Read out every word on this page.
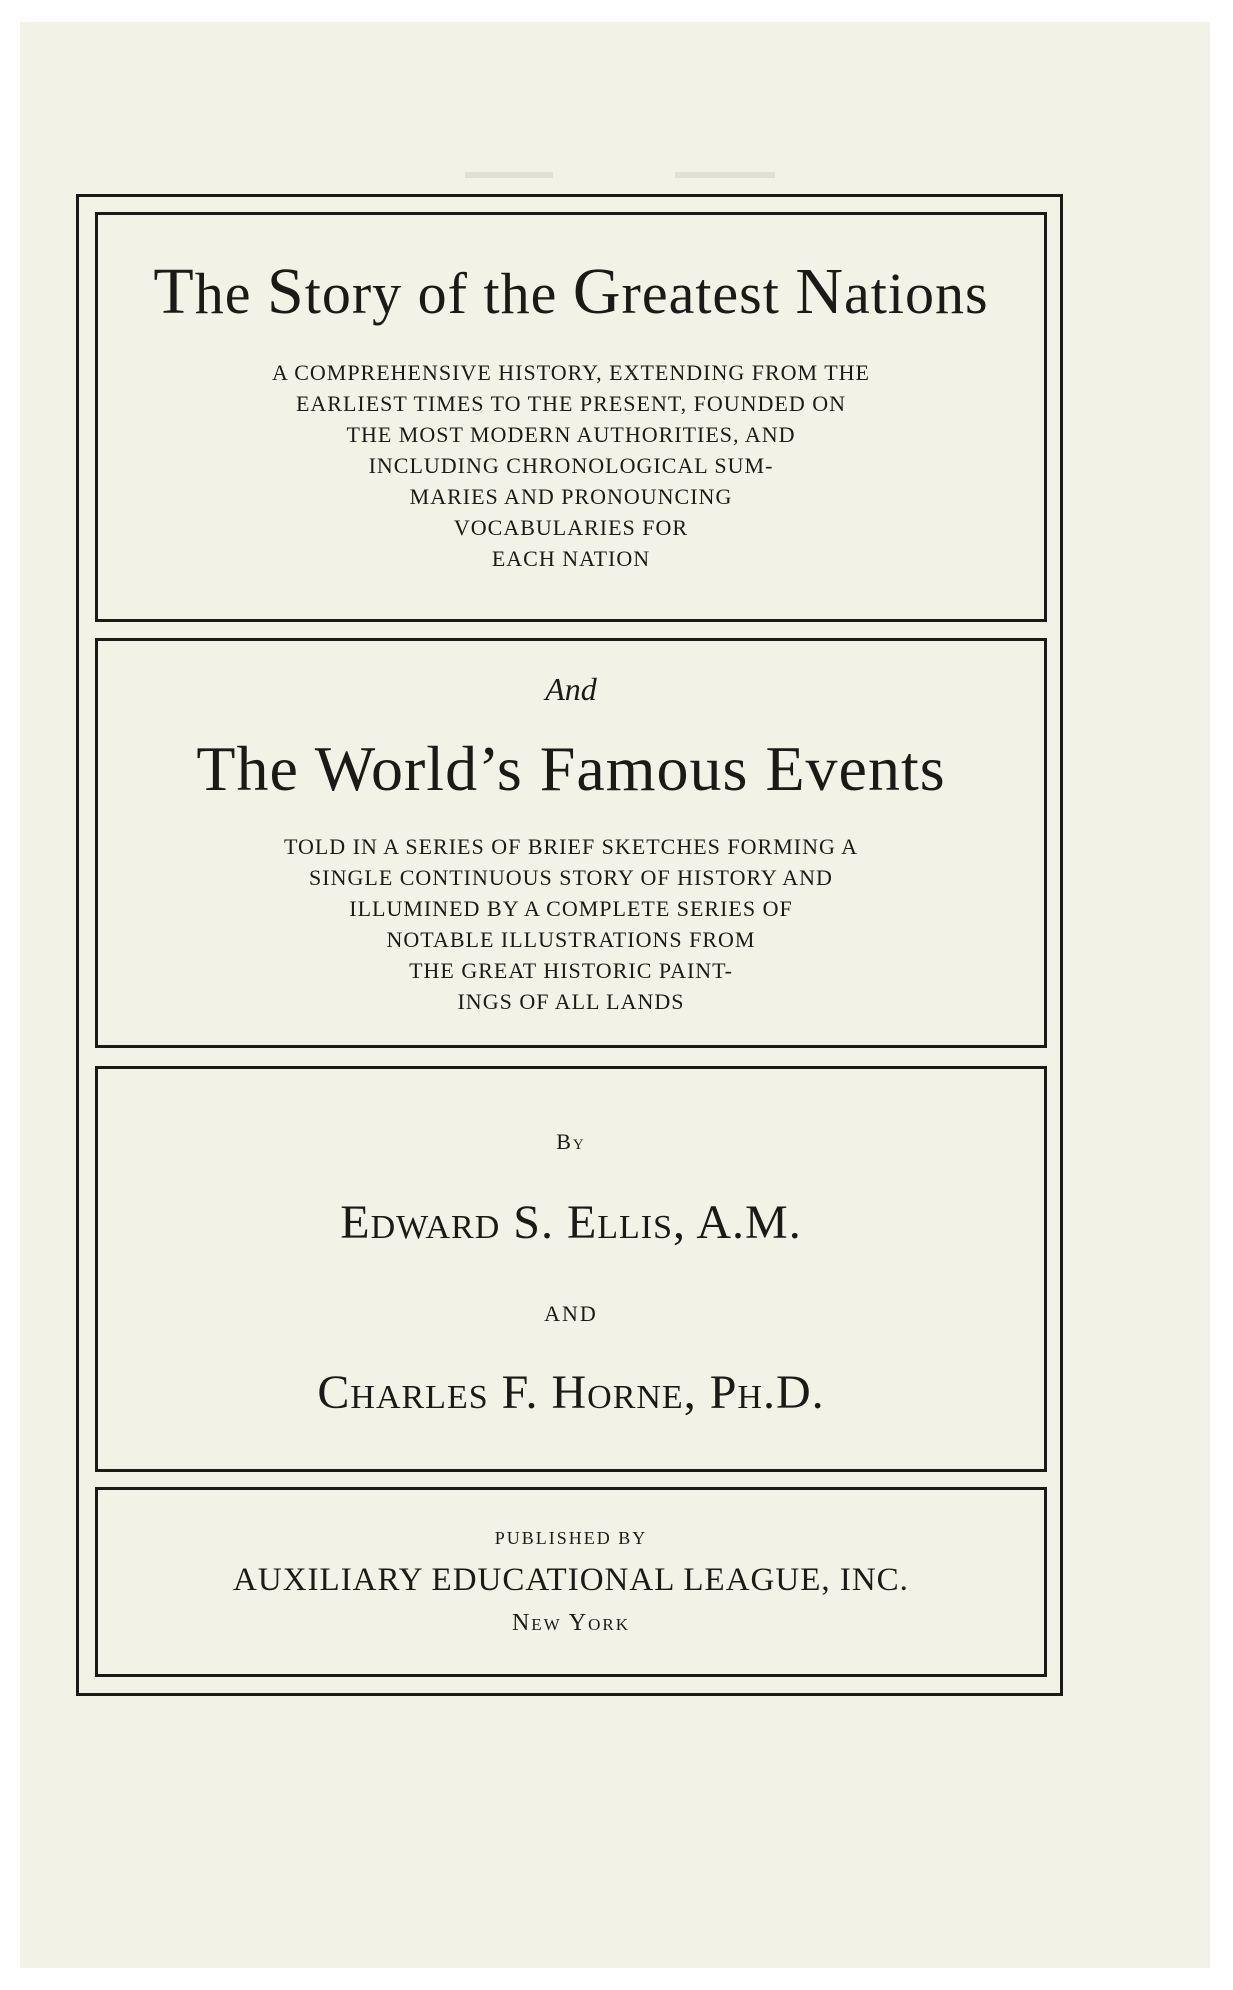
The Story of the Greatest Nations
A COMPREHENSIVE HISTORY, EXTENDING FROM THE
EARLIEST TIMES TO THE PRESENT, FOUNDED ON
THE MOST MODERN AUTHORITIES, AND
INCLUDING CHRONOLOGICAL SUM-
MARIES AND PRONOUNCING
VOCABULARIES FOR
EACH NATION
And
The World’s Famous Events
TOLD IN A SERIES OF BRIEF SKETCHES FORMING A
SINGLE CONTINUOUS STORY OF HISTORY AND
ILLUMINED BY A COMPLETE SERIES OF
NOTABLE ILLUSTRATIONS FROM
THE GREAT HISTORIC PAINT-
INGS OF ALL LANDS
By
Edward S. Ellis, A.M.
AND
Charles F. Horne, Ph.D.
PUBLISHED BY
AUXILIARY EDUCATIONAL LEAGUE, INC.
New York
